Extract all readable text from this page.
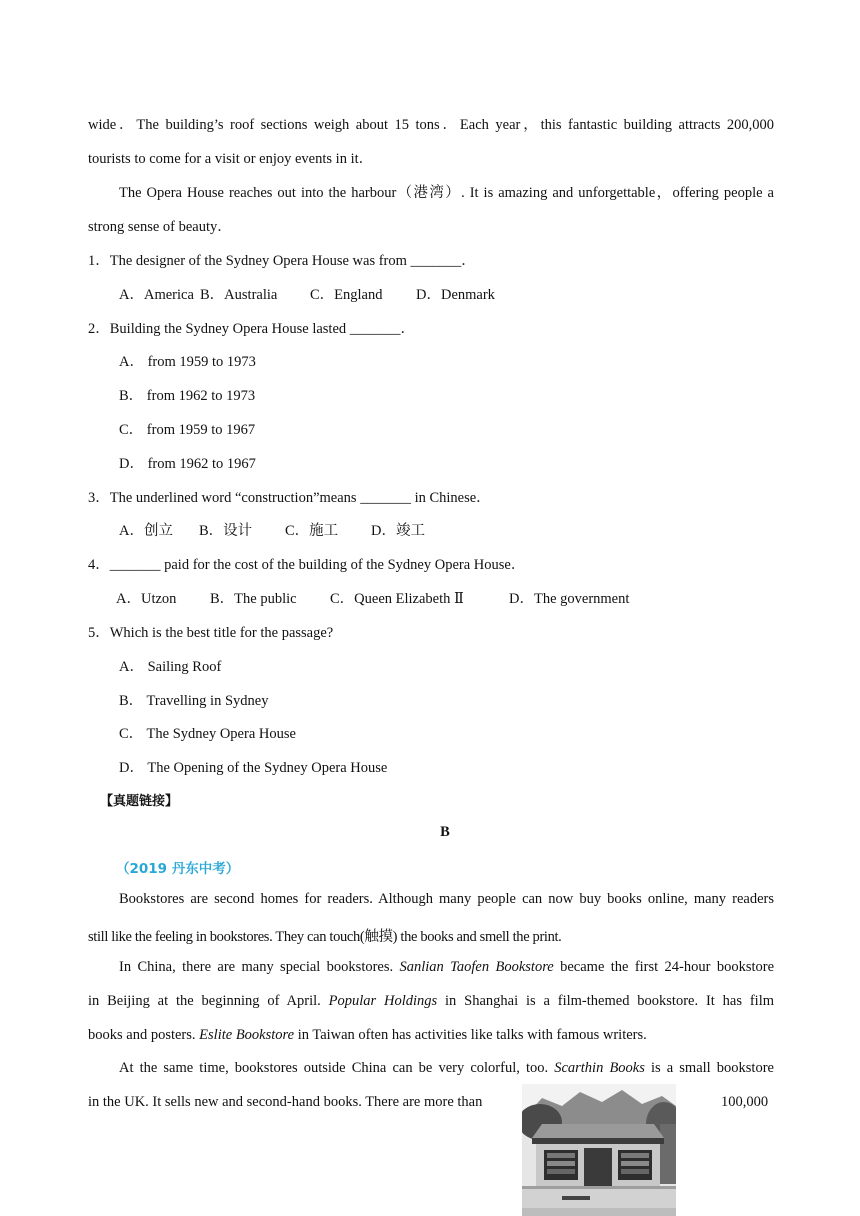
wide．The building’s roof sections weigh about 15 tons．Each year，this fantastic building attracts 200,000
tourists to come for a visit or enjoy events in it．
The Opera House reaches out into the harbour（港湾）. It is amazing and unforgettable，offering people a
strong sense of beauty．
1．The designer of the Sydney Opera House was from _______．
A．America B．Australia C．England D．Denmark
2．Building the Sydney Opera House lasted _______．
A． from 1959 to 1973
B． from 1962 to 1973
C． from 1959 to 1967
D． from 1962 to 1967
3．The underlined word “construction”means _______ in Chinese．
A．创立 B．设计 C．施工 D．竣工
4．_______ paid for the cost of the building of the Sydney Opera House．
A．Utzon B．The public C．Queen Elizabeth Ⅱ	D．The government
5．Which is the best title for the passage?
A． Sailing Roof
B． Travelling in Sydney
C． The Sydney Opera House
D． The Opening of the Sydney Opera House
【真题链接】
B
（2019 丹东中考）
Bookstores are second homes for readers. Although many people can now buy books online, many readers
still like the feeling in bookstores. They can touch(触摸) the books and smell the print.
In China, there are many special bookstores. Sanlian Taofen Bookstore became the first 24-hour bookstore
in Beijing at the beginning of April. Popular Holdings in Shanghai is a film-themed bookstore. It has film
books and posters. Eslite Bookstore in Taiwan often has activities like talks with famous writers.
At the same time, bookstores outside China can be very colorful, too. Scarthin Books is a small bookstore
in the UK. It sells new and second-hand books. There are more than	100,000
